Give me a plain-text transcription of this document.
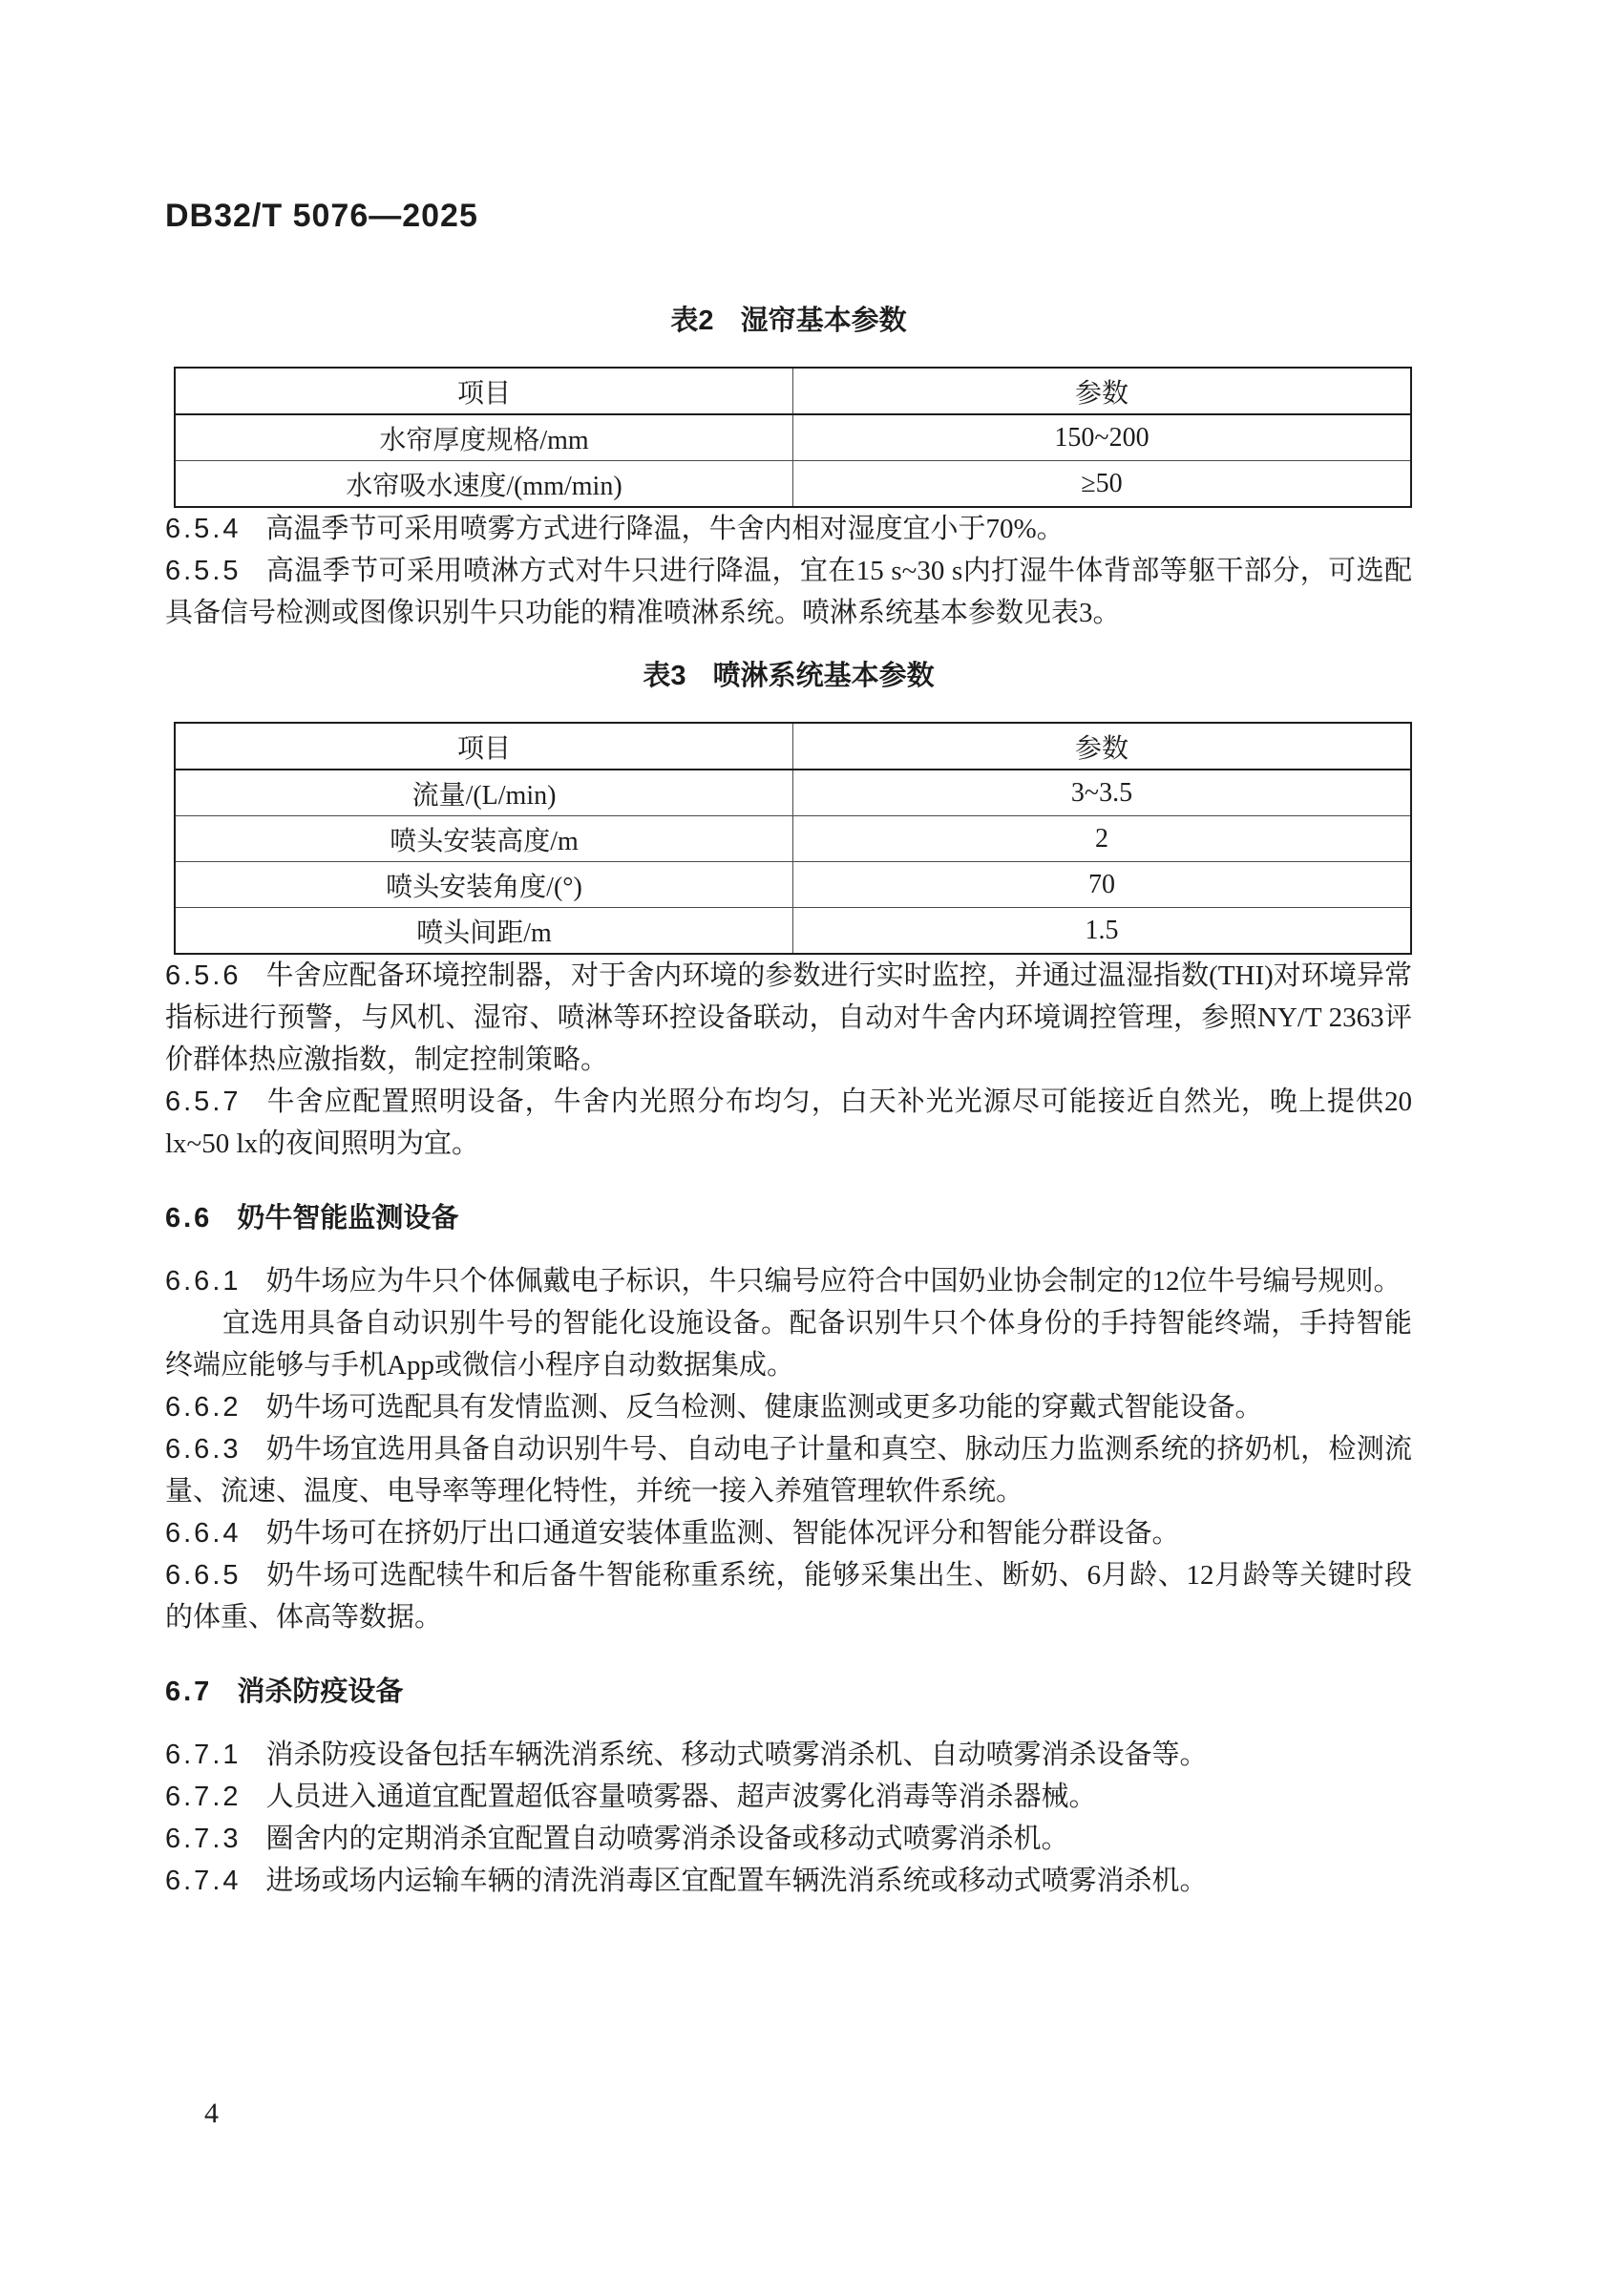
DB32/T 5076—2025
表2 湿帘基本参数
项目	参数
水帘厚度规格/mm	150~200
水帘吸水速度/(mm/min)	≥50

6.5.4 高温季节可采用喷雾方式进行降温，牛舍内相对湿度宜小于70%。

6.5.5 高温季节可采用喷淋方式对牛只进行降温，宜在15 s~30 s内打湿牛体背部等躯干部分，可选配具备信号检测或图像识别牛只功能的精准喷淋系统。喷淋系统基本参数见表3。

表3 喷淋系统基本参数
项目	参数
流量/(L/min)	3~3.5
喷头安装高度/m	2
喷头安装角度/(°)	70
喷头间距/m	1.5

6.5.6 牛舍应配备环境控制器，对于舍内环境的参数进行实时监控，并通过温湿指数(THI)对环境异常指标进行预警，与风机、湿帘、喷淋等环控设备联动，自动对牛舍内环境调控管理，参照NY/T 2363评价群体热应激指数，制定控制策略。

6.5.7 牛舍应配置照明设备，牛舍内光照分布均匀，白天补光光源尽可能接近自然光，晚上提供20 lx~50 lx的夜间照明为宜。

6.6 奶牛智能监测设备

6.6.1 奶牛场应为牛只个体佩戴电子标识，牛只编号应符合中国奶业协会制定的12位牛号编号规则。

宜选用具备自动识别牛号的智能化设施设备。配备识别牛只个体身份的手持智能终端，手持智能终端应能够与手机App或微信小程序自动数据集成。

6.6.2 奶牛场可选配具有发情监测、反刍检测、健康监测或更多功能的穿戴式智能设备。

6.6.3 奶牛场宜选用具备自动识别牛号、自动电子计量和真空、脉动压力监测系统的挤奶机，检测流量、流速、温度、电导率等理化特性，并统一接入养殖管理软件系统。

6.6.4 奶牛场可在挤奶厅出口通道安装体重监测、智能体况评分和智能分群设备。

6.6.5 奶牛场可选配犊牛和后备牛智能称重系统，能够采集出生、断奶、6月龄、12月龄等关键时段的体重、体高等数据。

6.7 消杀防疫设备

6.7.1 消杀防疫设备包括车辆洗消系统、移动式喷雾消杀机、自动喷雾消杀设备等。

6.7.2 人员进入通道宜配置超低容量喷雾器、超声波雾化消毒等消杀器械。

6.7.3 圈舍内的定期消杀宜配置自动喷雾消杀设备或移动式喷雾消杀机。

6.7.4 进场或场内运输车辆的清洗消毒区宜配置车辆洗消系统或移动式喷雾消杀机。

4
